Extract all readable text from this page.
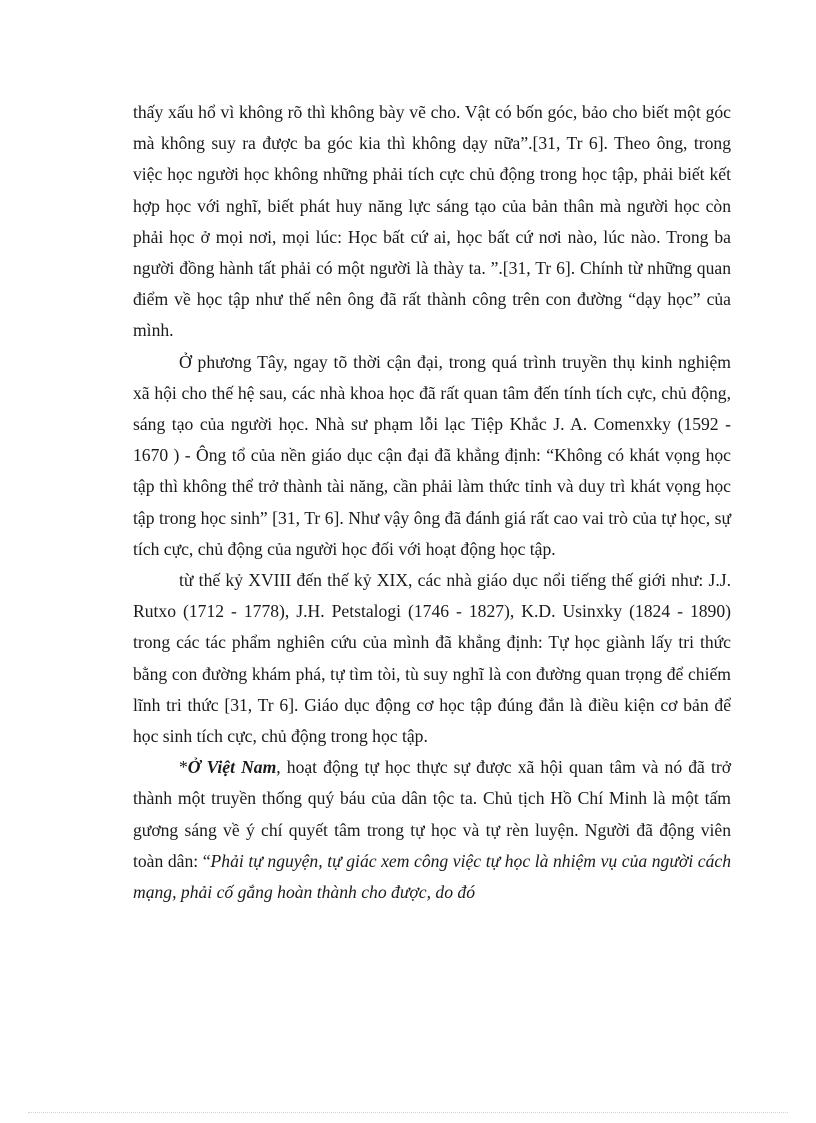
thấy xấu hổ vì không rõ thì không bày vẽ cho. Vật có bốn góc, bảo cho biết một góc mà không suy ra được ba góc kia thì không dạy nữa”.[31, Tr 6]. Theo ông, trong việc học người học không những phải tích cực chủ động trong học tập, phải biết kết hợp học với nghĩ, biết phát huy năng lực sáng tạo của bản thân mà người học còn phải học ở mọi nơi, mọi lúc: Học bất cứ ai, học bất cứ nơi nào, lúc nào. Trong ba người đồng hành tất phải có một người là thày ta. ”.[31, Tr 6]. Chính từ những quan điểm về học tập như thế nên ông đã rất thành công trên con đường “dạy học” của mình.

Ở phương Tây, ngay tõ thời cận đại, trong quá trình truyền thụ kinh nghiệm xã hội cho thế hệ sau, các nhà khoa học đã rất quan tâm đến tính tích cực, chủ động, sáng tạo của người học. Nhà sư phạm lỗi lạc Tiệp Khắc J. A. Comenxky (1592 - 1670 ) - Ông tổ của nền giáo dục cận đại đã khẳng định: “Không có khát vọng học tập thì không thể trở thành tài năng, cần phải làm thức tỉnh và duy trì khát vọng học tập trong học sinh” [31, Tr 6]. Như vậy ông đã đánh giá rất cao vai trò của tự học, sự tích cực, chủ động của người học đối với hoạt động học tập.

từ thế kỷ XVIII đến thế kỷ XIX, các nhà giáo dục nổi tiếng thế giới như: J.J. Rutxo (1712 - 1778), J.H. Petstalogi (1746 - 1827), K.D. Usinxky (1824 - 1890) trong các tác phẩm nghiên cứu của mình đã khẳng định: Tự học giành lấy tri thức bằng con đường khám phá, tự tìm tòi, tù suy nghĩ là con đường quan trọng để chiếm lĩnh tri thức [31, Tr 6]. Giáo dục động cơ học tập đúng đắn là điều kiện cơ bản để học sinh tích cực, chủ động trong học tập.

*Ở Việt Nam, hoạt động tự học thực sự được xã hội quan tâm và nó đã trở thành một truyền thống quý báu của dân tộc ta. Chủ tịch Hồ Chí Minh là một tấm gương sáng về ý chí quyết tâm trong tự học và tự rèn luyện. Người đã động viên toàn dân: “Phải tự nguyện, tự giác xem công việc tự học là nhiệm vụ của người cách mạng, phải cố gắng hoàn thành cho được, do đó
